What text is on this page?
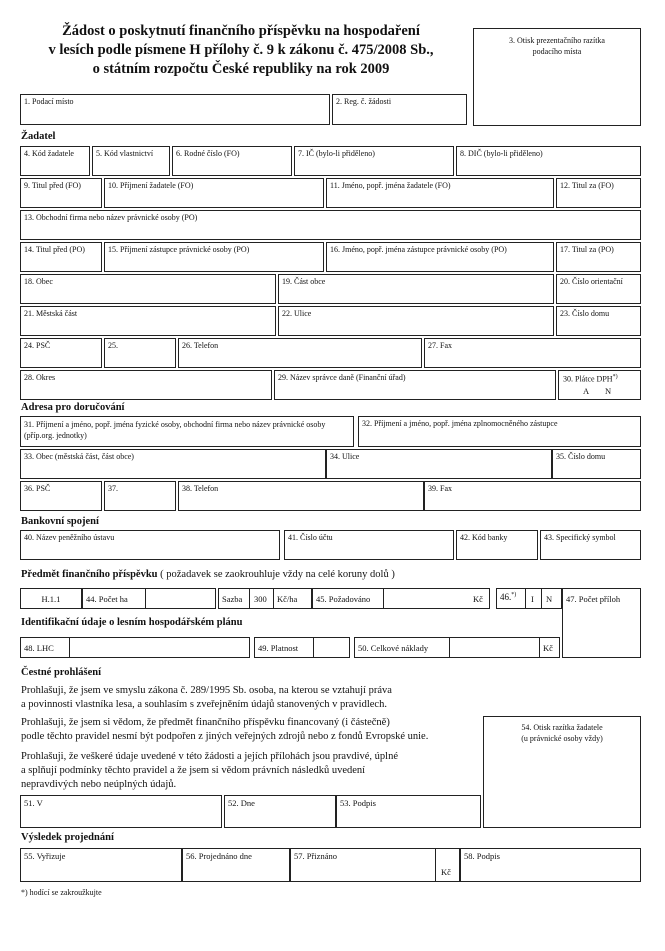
Žádost o poskytnutí finančního příspěvku na hospodaření
v lesích podle písmene H přílohy č. 9 k zákonu č. 475/2008 Sb.,
o státním rozpočtu České republiky na rok 2009
3. Otisk prezentačního razítka
podacího místa
1. Podací místo	2. Reg. č. žádosti
Žadatel
4. Kód žadatele	5. Kód vlastnictví	6. Rodné číslo (FO)	7. IČ (bylo-li přiděleno)	8. DIČ (bylo-li přiděleno)
9. Titul před (FO)	10. Příjmení žadatele (FO)	11. Jméno, popř. jména žadatele (FO)	12. Titul za (FO)
13. Obchodní firma nebo název právnické osoby (PO)
14. Titul před (PO)	15. Příjmení zástupce právnické osoby (PO)	16. Jméno, popř. jména zástupce právnické osoby (PO)	17. Titul za (PO)
18. Obec	19. Část obce	20. Číslo orientační
21. Městská část	22. Ulice	23. Číslo domu
24. PSČ	25.	26. Telefon	27. Fax
28. Okres	29. Název správce daně (Finanční úřad)	30. Plátce DPH*)
A N
Adresa pro doručování
31. Příjmení a jméno, popř. jména fyzické osoby, obchodní firma nebo název právnické osoby (příp.org. jednotky)
32. Příjmení a jméno, popř. jména zplnomocněného zástupce
33. Obec (městská část, část obce)	34. Ulice	35. Číslo domu
36. PSČ	37.	38. Telefon	39. Fax
Bankovní spojení
40. Název peněžního ústavu	41. Číslo účtu	42. Kód banky	43. Specifický symbol
Předmět finančního příspěvku ( požadavek se zaokrouhluje vždy na celé koruny dolů )
H.1.1	44. Počet ha	Sazba 300 Kč/ha 45. Požadováno	Kč 46.*) I N 47. Počet příloh
Identifikační údaje o lesním hospodářském plánu
48. LHC	49. Platnost	50. Celkové náklady	Kč
Čestné prohlášení
Prohlašuji, že jsem ve smyslu zákona č. 289/1995 Sb. osoba, na kterou se vztahují práva
a povinnosti vlastníka lesa, a souhlasím s zveřejněním údajů stanovených v pravidlech.
Prohlašuji, že jsem si vědom, že předmět finančního příspěvku financovaný (i částečně)
podle těchto pravidel nesmí být podpořen z jiných veřejných zdrojů nebo z fondů Evropské unie.
Prohlašuji, že veškeré údaje uvedené v této žádosti a jejích přílohách jsou pravdivé, úplné
a splňují podmínky těchto pravidel a že jsem si vědom právních následků uvedení
nepravdivých nebo neúplných údajů.
54. Otisk razítka žadatele
(u právnické osoby vždy)
51. V	52. Dne	53. Podpis
Výsledek projednání
55. Vyřizuje	56. Projednáno dne	57. Přiznáno
Kč
58. Podpis
*) hodící se zakroužkujte
